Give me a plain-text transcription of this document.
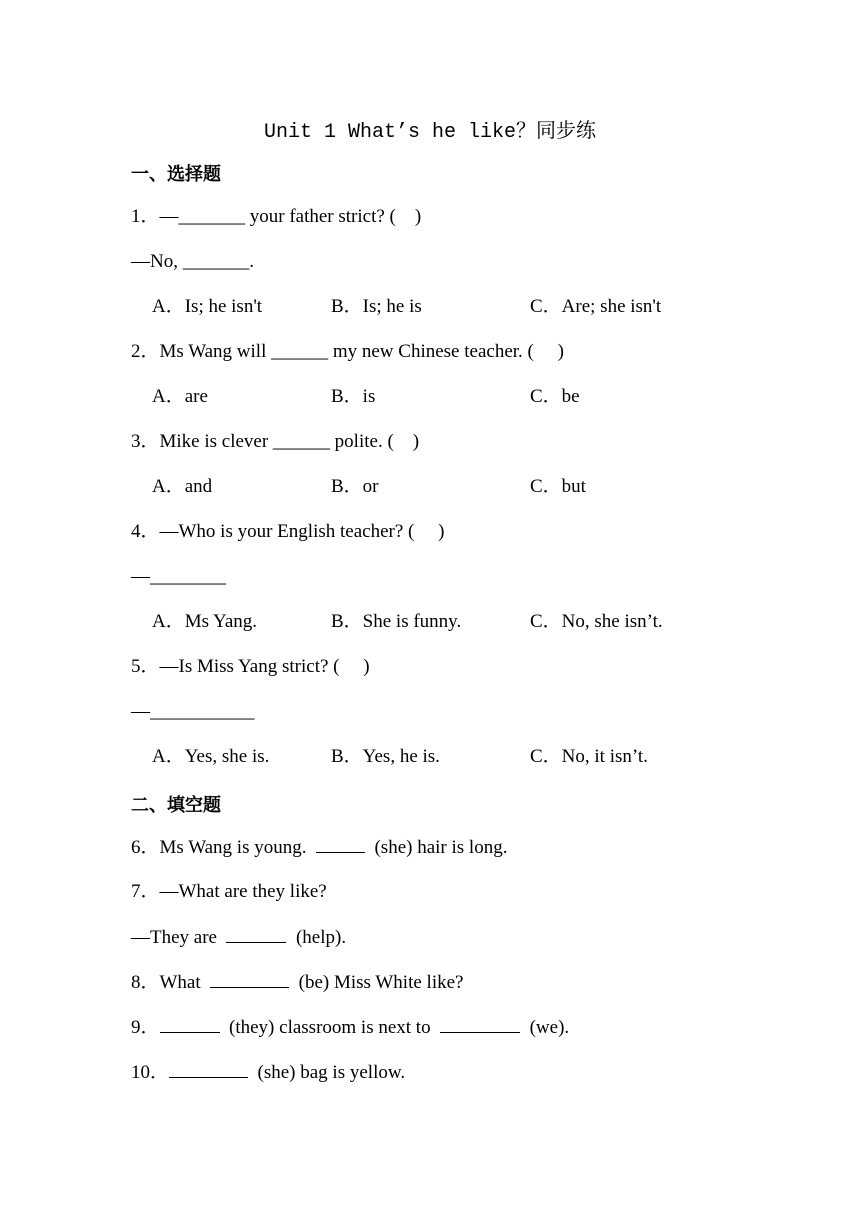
Unit 1 What’s he like？同步练
一、选择题
1．—_______ your father strict? (　)
—No, _______.
A．Is; he isn't	B．Is; he is	C．Are; she isn't
2．Ms Wang will ______ my new Chinese teacher. (　 )
A．are	B．is	C．be
3．Mike is clever ______ polite. (　)
A．and	B．or	C．but
4．—Who is your English teacher? (　 )
—________
A．Ms Yang.	B．She is funny.	C．No, she isn’t.
5．—Is Miss Yang strict? (　 )
—___________
A．Yes, she is.	B．Yes, he is.	C．No, it isn’t.
二、填空题
6．Ms Wang is young.	(she) hair is long.
7．—What are they like?
—They are	(help).
8．What	(be) Miss White like?
9．	(they) classroom is next to	(we).
10．	(she) bag is yellow.
